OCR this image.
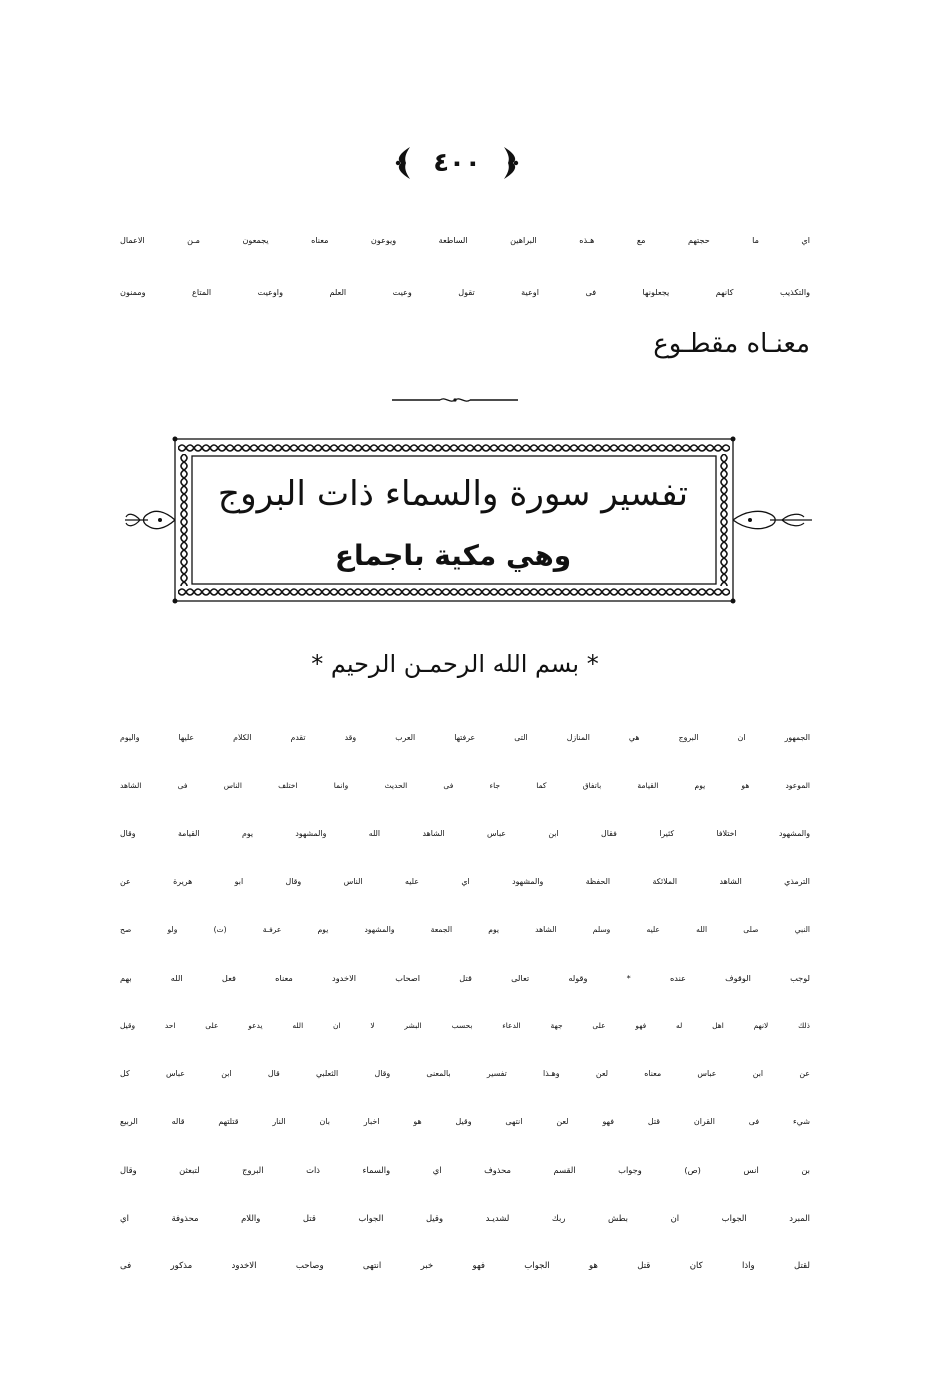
٤٠٠
اي ما حجتهم مع هـذه البراهين الساطعة ويوعون معناه يجمعون مـن الاعمال
والتكذيب كانهم يجعلونها فى اوعية تقول وعيت العلم واوعيت المتاع وممنون
معنـاه مقطـوع
تفسير سورة والسماء ذات البروج
وهي مكية باجماع
* بسم الله الرحمـن الرحيم *
الجمهور ان البروج هي المنازل التى عرفتها العرب وقد تقدم الكلام عليها واليوم
الموعود هو يوم القيامة باتفاق كما جاء فى الحديث وانما اختلف الناس فى الشاهد
والمشهود اختلافا كثيرا فقال ابن عباس الشاهد الله والمشهود يوم القيامة وقال
الترمذي الشاهد الملائكة الحفظة والمشهود اي عليه الناس وقال ابو هريرة عن
النبي صلى الله عليه وسلم الشاهد يوم الجمعة والمشهود يوم عرفـة (ت) ولو صح
لوجب الوقوف عنده * وقوله تعالى قتل اصحاب الاخدود معناه فعل الله بهم
ذلك لانهم اهل له فهو على جهة الدعاء بحسب البشر لا ان الله يدعو على احد وقيل
عن ابن عباس معناه لعن وهـذا تفسير بالمعنى وقال الثعلبي قال ابن عباس كل
شيء فى القران قتل فهو لعن انتهى وقيل هو اخبار بان النار قتلتهم قاله الربيع
بن انس (ص) وجواب القسم محذوف اي والسماء ذات البروج لتبعثن وقال
المبرد الجواب ان بطش ربك لشديـد وقيل الجواب قتل واللام محذوفة اي
لقتل واذا كان قتل هو الجواب فهو خبر انتهى وصاحب الاخدود مذكور فى
